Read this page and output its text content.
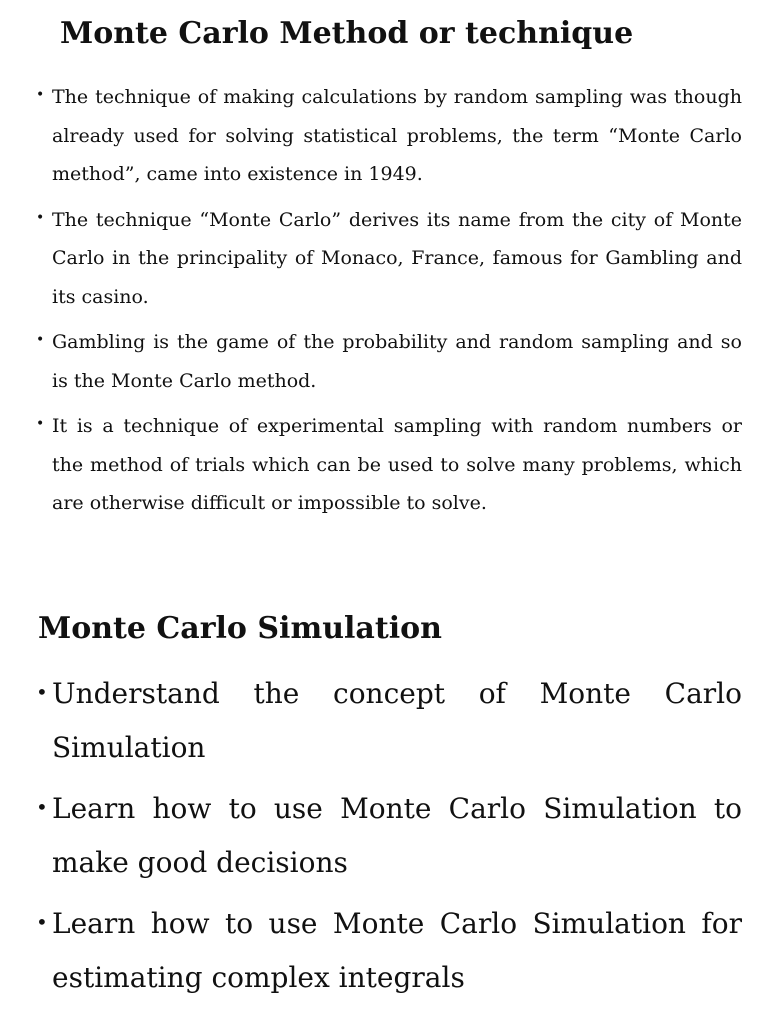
Monte Carlo Method or technique
• The technique of making calculations by random sampling was though already used for solving statistical problems, the term “Monte Carlo method”, came into existence in 1949.
• The technique “Monte Carlo” derives its name from the city of Monte Carlo in the principality of Monaco, France, famous for Gambling and its casino.
• Gambling is the game of the probability and random sampling and so is the Monte Carlo method.
• It is a technique of experimental sampling with random numbers or the method of trials which can be used to solve many problems, which are otherwise difficult or impossible to solve.
Monte Carlo Simulation
• Understand the concept of Monte Carlo Simulation
• Learn how to use Monte Carlo Simulation to make good decisions
• Learn how to use Monte Carlo Simulation for estimating complex integrals
